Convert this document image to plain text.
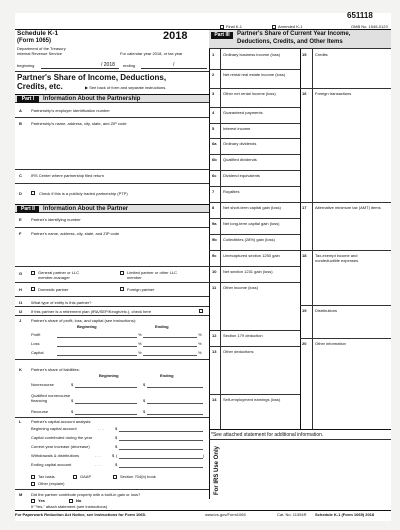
651118
Final K-1	Amended K-1	OMB No. 1545-0123
Schedule K-1
(Form 1065)
Department of the Treasury
Internal Revenue Service
2018
For calendar year 2018, or tax year
beginning	/ 2018 ending	/
Partner's Share of Income, Deductions,
Credits, etc.	▶ See back of form and separate instructions.
Part I	Information About the Partnership
A Partnership's employer identification number
B Partnership's name, address, city, state, and ZIP code
C IRS Center where partnership filed return
D	Check if this is a publicly traded partnership (PTP)
Part II	Information About the Partner
E Partner's identifying number
F Partner's name, address, city, state, and ZIP code
G	General partner or LLC
member-manager
Limited partner or other LLC
member
H	Domestic partner	Foreign partner
I1 What type of entity is this partner?
I2 If this partner is a retirement plan (IRA/SEP/Keogh/etc.), check here
J Partner's share of profit, loss, and capital (see instructions):
Beginning	Ending
Profit	%	%
Loss	%	%
Capital	%	%
K Partner's share of liabilities:
Beginning	Ending
Nonrecourse	$	$
Qualified nonrecourse
financing	$	$
Recourse	$	$
L Partner's capital account analysis:
Beginning capital account	. . .	$
Capital contributed during the year	$
Current year increase (decrease)	$
Withdrawals & distributions	. . .	$ (	)
Ending capital account	. . .	$
Tax basis	GAAP	Section 704(b) book
Other (explain)
M Did the partner contribute property with a built-in gain or loss?
Yes	No
If "Yes," attach statement (see instructions)
Part III	Partner's Share of Current Year Income,
Deductions, Credits, and Other Items
1 Ordinary business income (loss)
2 Net rental real estate income (loss)
3 Other net rental income (loss)
4 Guaranteed payments
5 Interest income
6a Ordinary dividends
6b Qualified dividends
6c Dividend equivalents
7 Royalties
8 Net short-term capital gain (loss)
9a Net long-term capital gain (loss)
9b Collectibles (28%) gain (loss)
9c Unrecaptured section 1250 gain
10 Net section 1231 gain (loss)
11 Other income (loss)
12 Section 179 deduction
13 Other deductions
14 Self-employment earnings (loss)
15 Credits
16 Foreign transactions
17 Alternative minimum tax (AMT) items
18 Tax-exempt income and
nondeductible expenses
19 Distributions
20 Other information
*See attached statement for additional information.
For IRS Use Only
For Paperwork Reduction Act Notice, see Instructions for Form 1065.	www.irs.gov/Form1065	Cat. No. 11394R Schedule K-1 (Form 1065) 2018
